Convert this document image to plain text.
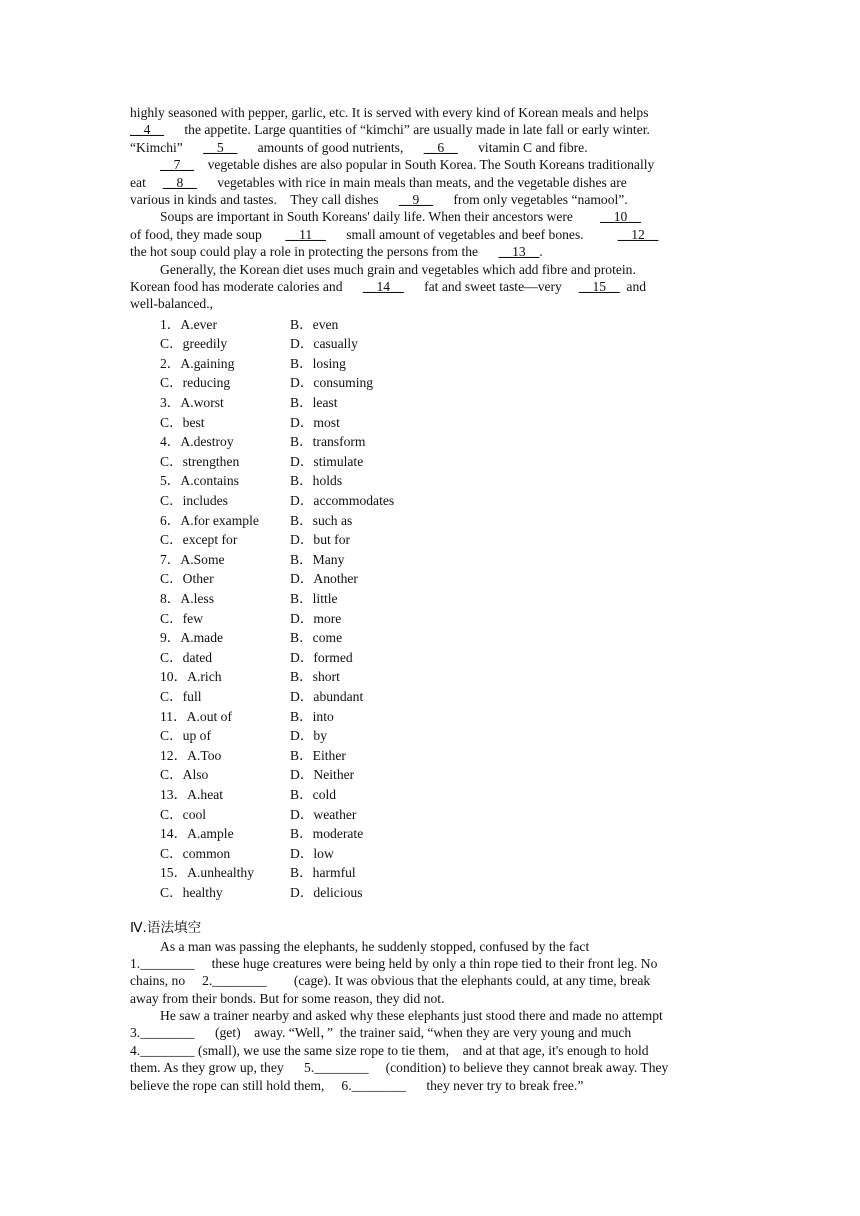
highly seasoned with pepper, garlic, etc. It is served with every kind of Korean meals and helps
__4__      the appetite. Large quantities of “kimchi” are usually made in late fall or early winter.
“Kimchi”      __5__      amounts of good nutrients,      __6__      vitamin C and fibre.
__7__    vegetable dishes are also popular in South Korea. The South Koreans traditionally
eat     __8__      vegetables with rice in main meals than meats, and the vegetable dishes are
various in kinds and tastes.    They call dishes      __9__      from only vegetables “namool”.
Soups are important in South Koreans' daily life. When their ancestors were        __10__
of food, they made soup       __11__      small amount of vegetables and beef bones.          __12__
the hot soup could play a role in protecting the persons from the      __13__.
Generally, the Korean diet uses much grain and vegetables which add fibre and protein.
Korean food has moderate calories and      __14__      fat and sweet taste—very     __15__  and
well-balanced.,
1．A.ever	B．even
C．greedily	D．casually
2．A.gaining	B．losing
C．reducing	D．consuming
3．A.worst	B．least
C．best	D．most
4．A.destroy	B．transform
C．strengthen	D．stimulate
5．A.contains	B．holds
C．includes	D．accommodates
6．A.for example B．such as
C．except for	D．but for
7．A.Some	B．Many
C．Other	D．Another
8．A.less	B．little
C．few	D．more
9．A.made	B．come
C．dated	D．formed
10．A.rich	B．short
C．full	D．abundant
11．A.out of	B．into
C．up of	D．by
12．A.Too	B．Either
C．Also	D．Neither
13．A.heat	B．cold
C．cool	D．weather
14．A.ample	B．moderate
C．common	D．low
15．A.unhealthy	B．harmful
C．healthy	D．delicious
Ⅳ.语法填空
As a man was passing the elephants, he suddenly stopped, confused by the fact
1.________     these huge creatures were being held by only a thin rope tied to their front leg. No
chains, no     2.________        (cage). It was obvious that the elephants could, at any time, break
away from their bonds. But for some reason, they did not.
He saw a trainer nearby and asked why these elephants just stood there and made no attempt
3.________      (get)    away. “Well，”  the trainer said, “when they are very young and much
4.________ (small), we use the same size rope to tie them,    and at that age, it's enough to hold
them. As they grow up, they      5.________     (condition) to believe they cannot break away. They
believe the rope can still hold them,     6.________      they never try to break free.”
